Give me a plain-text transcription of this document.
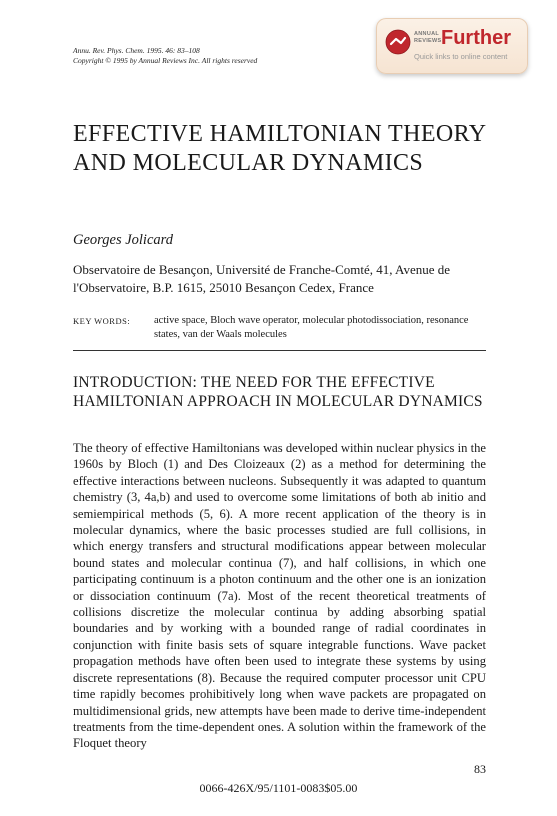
Annu. Rev. Phys. Chem. 1995. 46: 83–108
Copyright © 1995 by Annual Reviews Inc. All rights reserved
ANNUAL
REVIEWS Further
Quick links to online content
EFFECTIVE HAMILTONIAN THEORY AND MOLECULAR DYNAMICS
Georges Jolicard
Observatoire de Besançon, Université de Franche-Comté, 41, Avenue de l'Observatoire, B.P. 1615, 25010 Besançon Cedex, France
KEY WORDS: active space, Bloch wave operator, molecular photodissociation, resonance states, van der Waals molecules
INTRODUCTION: THE NEED FOR THE EFFECTIVE HAMILTONIAN APPROACH IN MOLECULAR DYNAMICS

The theory of effective Hamiltonians was developed within nuclear physics in the 1960s by Bloch (1) and Des Cloizeaux (2) as a method for determining the effective interactions between nucleons. Subsequently it was adapted to quantum chemistry (3, 4a,b) and used to overcome some limitations of both ab initio and semiempirical methods (5, 6). A more recent application of the theory is in molecular dynamics, where the basic processes studied are full collisions, in which energy transfers and structural modifications appear between molecular bound states and molecular continua (7), and half collisions, in which one participating continuum is a photon continuum and the other one is an ionization or dissociation continuum (7a). Most of the recent theoretical treatments of collisions discretize the molecular continua by adding absorbing spatial boundaries and by working with a bounded range of radial coordinates in conjunction with finite basis sets of square integrable functions. Wave packet propagation methods have often been used to integrate these systems by using discrete representations (8). Because the required computer processor unit CPU time rapidly becomes prohibitively long when wave packets are propagated on multidimensional grids, new attempts have been made to derive time-independent treatments from the time-dependent ones. A solution within the framework of the Floquet theory

83
0066-426X/95/1101-0083$05.00
